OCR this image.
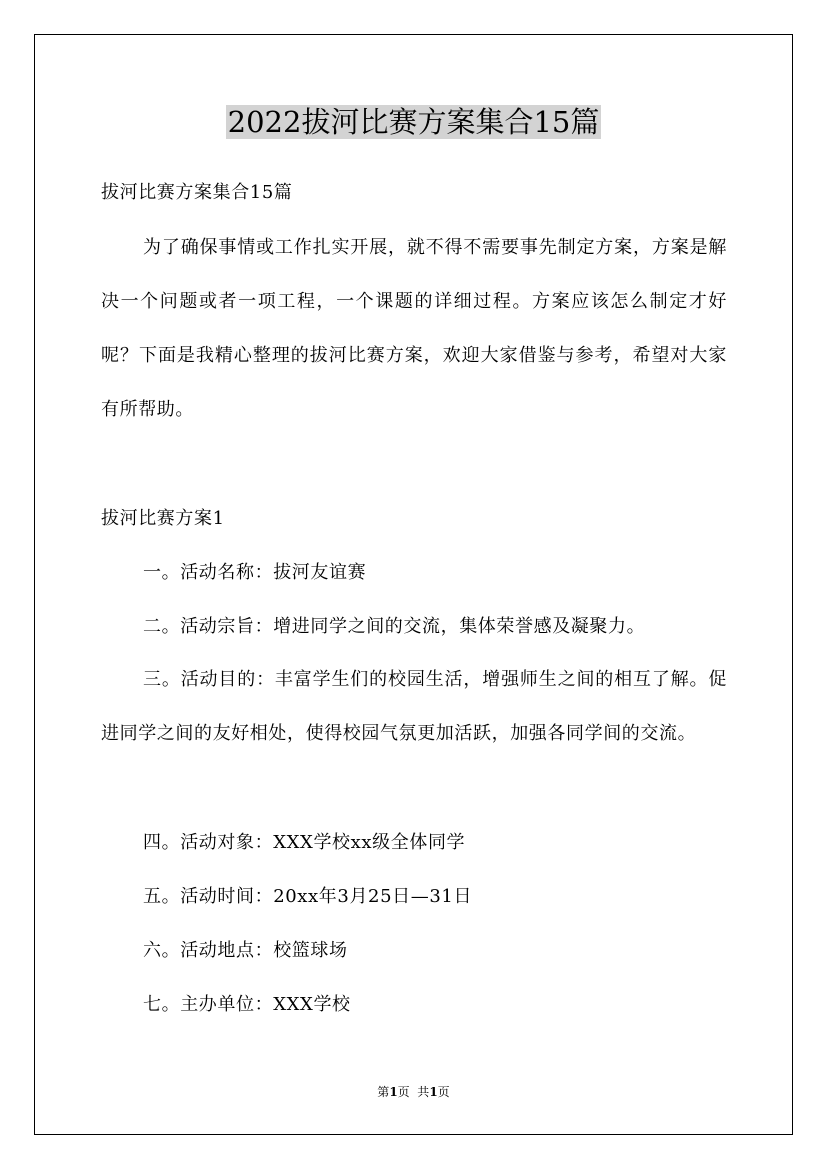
2022拔河比赛方案集合15篇
拔河比赛方案集合15篇
为了确保事情或工作扎实开展，就不得不需要事先制定方案，方案是解决一个问题或者一项工程，一个课题的详细过程。方案应该怎么制定才好呢？下面是我精心整理的拔河比赛方案，欢迎大家借鉴与参考，希望对大家有所帮助。
拔河比赛方案1
一。活动名称：拔河友谊赛
二。活动宗旨：增进同学之间的交流，集体荣誉感及凝聚力。
三。活动目的：丰富学生们的校园生活，增强师生之间的相互了解。促进同学之间的友好相处，使得校园气氛更加活跃，加强各同学间的交流。
四。活动对象：XXX学校xx级全体同学
五。活动时间：20xx年3月25日—31日
六。活动地点：校篮球场
七。主办单位：XXX学校
第1页  共1页
